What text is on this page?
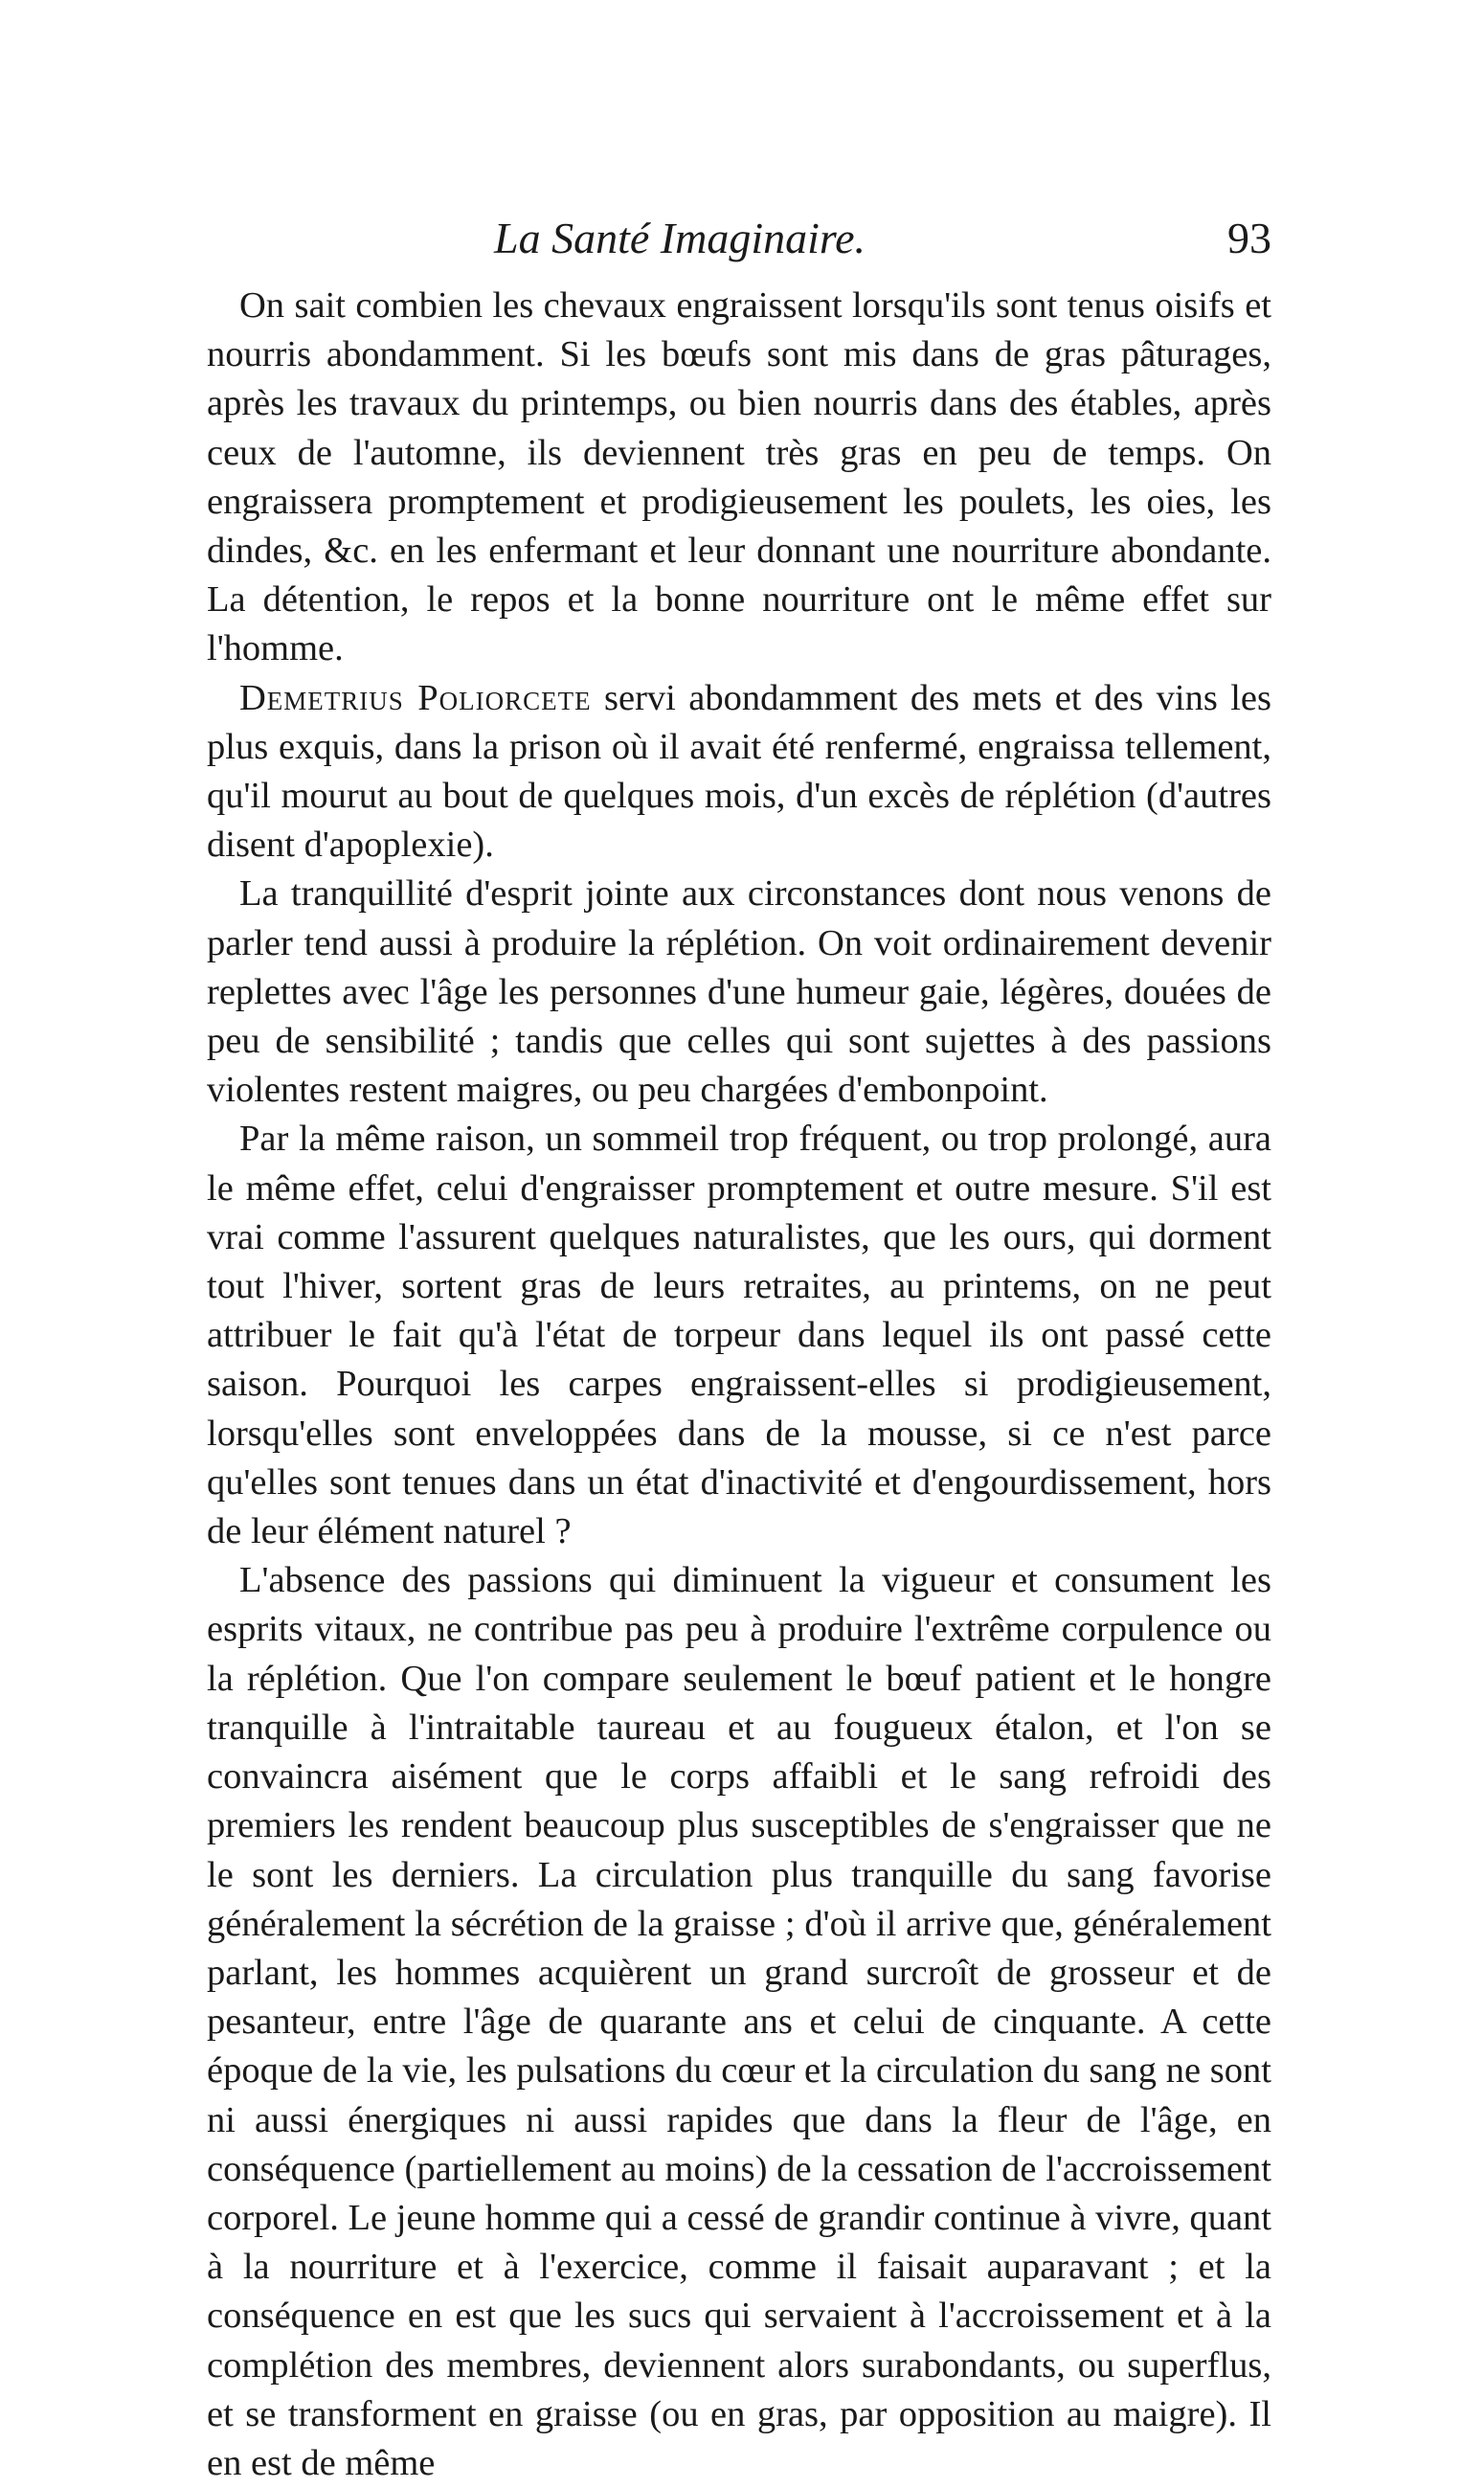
La Santé Imaginaire.	93

On sait combien les chevaux engraissent lorsqu'ils sont tenus oisifs et nourris abondamment. Si les bœufs sont mis dans de gras pâturages, après les travaux du printemps, ou bien nourris dans des étables, après ceux de l'automne, ils deviennent très gras en peu de temps. On engraissera promptement et prodigieusement les poulets, les oies, les dindes, &c. en les enfermant et leur donnant une nourriture abondante. La détention, le repos et la bonne nourriture ont le même effet sur l'homme.

Demetrius Poliorcete servi abondamment des mets et des vins les plus exquis, dans la prison où il avait été renfermé, engraissa tellement, qu'il mourut au bout de quelques mois, d'un excès de réplétion (d'autres disent d'apoplexie).

La tranquillité d'esprit jointe aux circonstances dont nous venons de parler tend aussi à produire la réplétion. On voit ordinairement devenir replettes avec l'âge les personnes d'une humeur gaie, légères, douées de peu de sensibilité ; tandis que celles qui sont sujettes à des passions violentes restent maigres, ou peu chargées d'embonpoint.

Par la même raison, un sommeil trop fréquent, ou trop prolongé, aura le même effet, celui d'engraisser promptement et outre mesure. S'il est vrai comme l'assurent quelques naturalistes, que les ours, qui dorment tout l'hiver, sortent gras de leurs retraites, au printems, on ne peut attribuer le fait qu'à l'état de torpeur dans lequel ils ont passé cette saison. Pourquoi les carpes engraissent-elles si prodigieusement, lorsqu'elles sont enveloppées dans de la mousse, si ce n'est parce qu'elles sont tenues dans un état d'inactivité et d'engourdissement, hors de leur élément naturel ?

L'absence des passions qui diminuent la vigueur et consument les esprits vitaux, ne contribue pas peu à produire l'extrême corpulence ou la réplétion. Que l'on compare seulement le bœuf patient et le hongre tranquille à l'intraitable taureau et au fougueux étalon, et l'on se convaincra aisément que le corps affaibli et le sang refroidi des premiers les rendent beaucoup plus susceptibles de s'engraisser que ne le sont les derniers. La circulation plus tranquille du sang favorise généralement la sécrétion de la graisse ; d'où il arrive que, généralement parlant, les hommes acquièrent un grand surcroît de grosseur et de pesanteur, entre l'âge de quarante ans et celui de cinquante. A cette époque de la vie, les pulsations du cœur et la circulation du sang ne sont ni aussi énergiques ni aussi rapides que dans la fleur de l'âge, en conséquence (partiellement au moins) de la cessation de l'accroissement corporel. Le jeune homme qui a cessé de grandir continue à vivre, quant à la nourriture et à l'exercice, comme il faisait auparavant ; et la conséquence en est que les sucs qui servaient à l'accroissement et à la complétion des membres, deviennent alors surabondants, ou superflus, et se transforment en graisse (ou en gras, par opposition au maigre). Il en est de même
